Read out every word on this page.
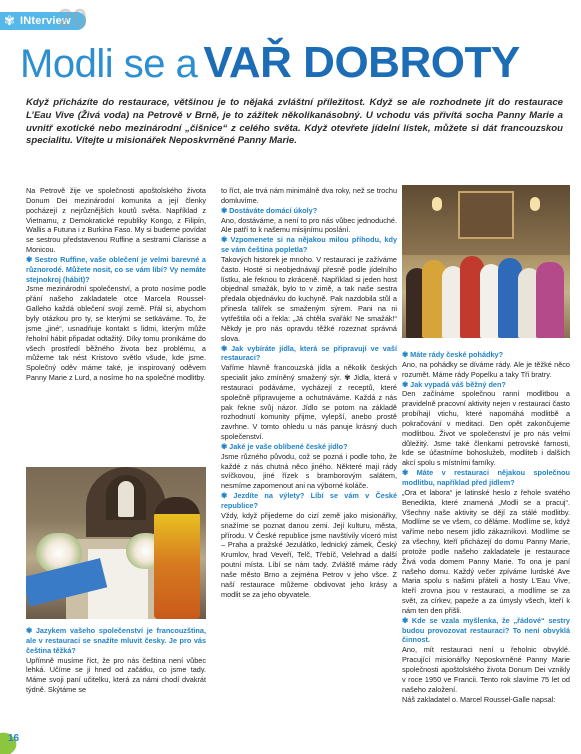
✾ INterview
20
Modli se a VAŘ DOBROTY
Když přicházíte do restaurace, většinou je to nějaká zvláštní příležitost. Když se ale rozhodnete jít do restaurace L’Eau Vive (Živá voda) na Petrově v Brně, je to zážitek několikanásobný. U vchodu vás přivítá socha Panny Marie a uvnitř exotické nebo mezinárodní „čišnice“ z celého světa. Když otevřete jídelní lístek, můžete si dát francouzskou specialitu. Vítejte u misionářek Neposkvrněné Panny Marie.

Na Petrově žije ve společnosti apoštolského života Donum Dei mezinárodní komunita a její členky pocházejí z nejrůznějších koutů světa. Například z Vietnamu, z Demokratické republiky Kongo, z Filipín, Wallis a Futuna i z Burkina Faso. My si budeme povídat se sestrou představenou Ruffine a sestrami Clarisse a Monicou.

✾ Sestro Ruffine, vaše oblečení je velmi barevné a různorodé. Můžete nosit, co se vám líbí? Vy nemáte stejnokroj (hábit)?

Jsme mezinárodní společenství, a proto nosíme podle přání našeho zakladatele otce Marcela Roussel-Galleho každá oblečení svojí země. Přál si, abychom byly otázkou pro ty, se kterými se setkáváme. To, že jsme „jiné“, usnadňuje kontakt s lidmi, kterým může řeholní hábit připadat odtažitý. Díky tomu pronikáme do všech prostředí běžného života bez problému, a můžeme tak nést Kristovo světlo všude, kde jsme. Společný oděv máme také, je inspirovaný oděvem Panny Marie z Lurd, a nosíme ho na společné modlitby.

✾ Jazykem vašeho společenství je francouzština, ale v restauraci se snažíte mluvit česky. Je pro vás čeština těžká?

Upřímně musíme říct, že pro nás čeština není vůbec lehká. Učíme se ji hned od začátku, co jsme tady. Máme svoji paní učitelku, která za námi chodí dvakrát týdně. Skýtáme se

to říct, ale trvá nám minimálně dva roky, než se trochu domluvíme.

✾ Dostáváte domácí úkoly?

Ano, dostáváme, a není to pro nás vůbec jednoduché. Ale patří to k našemu misijnímu poslání.

✾ Vzpomenete si na nějakou milou příhodu, kdy se vám čeština popletla?

Takových historek je mnoho. V restauraci je zažíváme často. Hosté si neobjednávají přesně podle jídelního lístku, ale řeknou to zkráceně. Například si jeden host objednal smažák, bylo to v zimě, a tak naše sestra předala objednávku do kuchyně. Pak nazdobila stůl a přinesla talířek se smaženým sýrem. Pani na ni vytřeštila oči a řekla: „Já chtěla svařák! Ne smažák!“ Někdy je pro nás opravdu těžké rozeznat správná slova.

✾ Jak vybíráte jídla, která se připravují ve vaší restauraci?

Vaříme hlavně francouzská jídla a několik českých specialit jako zmíněný smažený sýr. ✾ Jídla, která v restauraci podáváme, vycházejí z receptů, které společně připravujeme a ochutnáváme. Každá z nás pak řekne svůj názor. Jídlo se potom na základě rozhodnutí komunity přijme, vylepší, anebo prostě zavrhne. V tomto ohledu u nás panuje krásný duch společenství.

✾ Jaké je vaše oblíbené české jídlo?

Jsme různého původu, což se pozná i podle toho, že každé z nás chutná něco jiného. Některé mají rády svíčkovou, jiné řízek s bramborovým salátem, nesmíme zapomenout ani na výborné koláče.

✾ Jezdíte na výlety? Líbí se vám v České republice?

Vždy, když přijedeme do cizí země jako misionářky, snažíme se poznat danou zemi. Její kulturu, města, přírodu. V České republice jsme navštívily víceró míst – Praha a pražské Jezulátko, lednický zámek, Český Krumlov, hrad Veveří, Telč, Třebíč, Velehrad a další poutní místa. Líbí se nám tady. Zvláště máme rády naše město Brno a zejména Petrov v jeho všce. Z naší restaurace můžeme obdivovat jeho krásy a modlit se za jeho obyvatele.

✾ Máte rády české pohádky?

Ano, na pohádky se díváme rády. Ale je těžké něco rozumět. Máme rády Popelku a taky Tři bratry.

✾ Jak vypadá váš běžný den?

Den začínáme společnou ranní modlitbou a pravidelně pracovní aktivity nejen v restauraci často probíhají vtichu, které napomáhá modlitbě a pokračování v meditaci. Den opět zakončujeme modlitbou. Život ve společenství je pro nás velmi důležitý. Jsme také členkami petrovské farnosti, kde se účastníme bohoslužeb, modliteb i dalších akcí spolu s místními farníky.

✾ Máte v restauraci nějakou společnou modlitbu, například před jídlem?

„Ora et labora“ je latinské heslo z řehole svatého Benedikta, které znamená „Modli se a pracuj“. Všechny naše aktivity se dějí za stálé modlitby. Modlíme se ve všem, co děláme. Modlíme se, když vaříme nebo nesem jídlo zákazníkovi. Modlíme se za všechny, kteří přicházejí do domu Panny Marie, protože podle našeho zakladatele je restaurace Živá voda domem Panny Marie. To ona je paní našeho domu. Každý večer zpíváme lurdské Ave Maria spolu s našimi přáteli a hosty L’Eau Vive, kteří zrovna jsou v restauraci, a modlíme se za svět, za církev, papeže a za úmysly všech, kteří k nám ten den přišli.

✾ Kde se vzala myšlenka, že „řádové“ sestry budou provozovat restauraci? To není obvyklá činnost.

Ano, mít restauraci není u řeholnic obvyklé. Pracující misionářky Neposkvrněné Panny Marie společnosti apoštolského života Donum Dei vznikly v roce 1950 ve Francii. Tento rok slavíme 75 let od našeho založení.

Náš zakladatel o. Marcel Roussel-Galle napsal:

16
